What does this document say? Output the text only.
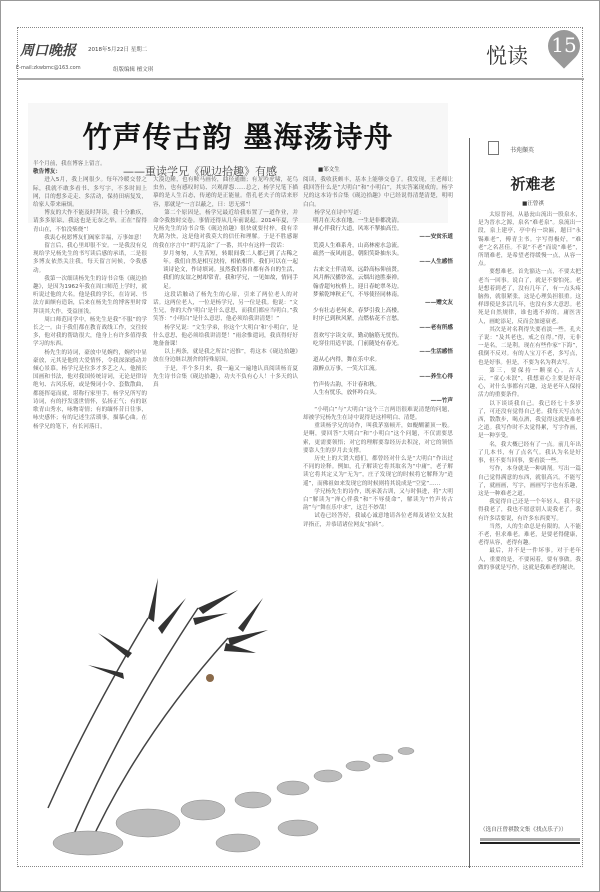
周口晚报 2018年5月22日 星期二
E-mail:zkwbmc@163.com	组版编辑 檀文琪
悦读 15
竹声传古韵 墨海荡诗舟
——重读学兄《砚边拾趣》有感	■邹文生

半个月前，我在博客上留言。

敬告博友：

进入5月，我上网很少。每年冷暖交替之际，我就不敢多看书、多写字，不多时间上网，目的想多走走、多活动，保持田病复发，给家人带来麻烦。

博友的大作不能及时拜读，我十分歉疚，请多多原谅，我这也是无奈之举，正在“留得青山在，不怕没柴烧”！

我衷心祝愿博友们阖家幸福，万事如意！

留言后，我心里却很不安。一是我没有兑现给学兄杨先生的书写读后感的承诺，二是很多博友依然关注我，每天留言问候，令我感动。

我第一次细读杨先生的诗书合集《砚边拾趣》，是因为1962年我在周口师范上学时，就听说过他的大名。他是我的学长，在诗词、书法方面颇有造诣，后来在杨先生的博客里时常拜读其大作，受益匪浅。

周口师范同学中，杨先生是我“不服”的学长之一。由于我们都在教育战线工作，交往较多，他对我的帮助很大，他身上有许多值得我学习的东西。

杨先生的诗词，豪放中见婉约，婉约中显豪放，元其是他的大爱情怀，令我深深感动并倾心景慕。杨学兄是位多才多艺之人，他擅长国画和书法，他对我国传统诗词，无论是律诗绝句、古风乐府，或是慢词小令、套数散曲，都能挥毫而就，堪称行家里手。杨学兄所写的诗词，有的抒发盛世情怀，弘扬正气；有的讴歌青山秀水，咏物寄情；有的缅怀昔日往事，咏史感怀；有的记述生活琐事，描摹心曲。在杨学兄的笔下，有长河落日，

大漠边陲，也有鞍马画传，曲径通幽；有龙吟虎啸，花鸟虫鱼，也有感叹时局、兴观群怨……总之，杨学兄笔下描摹的是人生百态，传递的是正能量。借孔老夫子的话来形容，那就是“一言以蔽之，曰：思无邪”！

第二个原因是，杨学兄最近给我布置了一道作业，并命令我按时交卷。事情还得从几年前说起。2014年夏，学兄杨先生的诗书合集《砚边拾趣》很快就要付梓，我有幸先睹为快，这是他对我莫大的信任和理解。于是不胜感谢的我在序言中“胡写乱涂”了一番，其中有这样一段话：

岁月匆匆，人生苦短，转眼间我二人都已到了古稀之年。我们自然是相互扶持，相依相伴。我们可以在一起谈诗论文，作诗填词。虽然我们各自都有各自的生活，我们的友谊之树却常青。我和学兄，一见如故，情同手足。

这段话触动了杨先生的心扉，引来了两位老人的对话。这两位老人，一位是杨学兄，另一位是我。他说：“文生兄，你的大作‘明白’是什么意思，而我们都应当明白。”我笑答：“小明白”是什么意思，他必须给我讲清楚！”

杨学兄说：“文生学弟，你这个‘大明白’和‘小明白’，是什么意思，他必须给我讲清楚！”雨余惟遣词，我真得好好地备备课！

以上两条，就是我之所以“迟惟”，将这本《砚边拾趣》放在身边继以割舍的特殊原因。

于是，半个多月来，我一遍又一遍地认真阅读杨育夏先生诗书合集《砚边拾趣》，功夫不负有心人！十多天的认真

阅读，我收获颇丰，基本上能够交卷了。我发现，王老师让我回答什么是“大明白”和“小明白”，其实答案现成的。杨学兄的这本诗书合集《砚边拾趣》中已经说得清楚清楚，明明白白。

杨学兄在诗中写道：

明月在天水在地，一生是非都洗清。

禅心伴我行大道，风寒不掣抽高岳。

——安贫乐道

荒漠人生难系舟，山高林密水急流。

疏然一夜风雨息，朝阳笑卧抽东头。

——人生感悟

古来文士伴清寒，远龄高标仰前贤。

风月醉汉播钞富，云烟出池胜秦禅。

翰香超句杭桥上，迎日春蛇翠冬边。

梦萦乾坤秋正气，不辱使径同林南。

——赠文友

少有壮志老何求，春梦引我上高楼。

时序已到秋风紧，点燃枯花不言愁。

——老有所感

喜欢写字读文章，勤动脑筋无忧伤。

吃穿住用适平淡，门前随处有春光。

——生活感悟

道从心内得，舞在乐中求。

淑醉点万事，一笑大江流。

——养生心得

竹声传古韵，不计春和秋。

人生有忧乐，放怀吟白头。

——竹声

“小明白”与“大明白”这个三言两语很难说清楚的问题，却被学兄杨先生在诗中说得是这样明白、清楚。

重读杨学兄的诗作，叫我茅塞顿开，如醍醐灌顶一般。是啊，要回答“大明白”和“小明白”这个问题，不仅需要思索，更需要领悟；对它的理解要靠经历去积淀，对它的领悟要靠人生的岁月去支撑。

历史上的大贤大德们，都曾经对什么是“大明白”作出过不同的诠释。例如，孔子解读它将其取名为“中庸”，老子解读它将其定义为“无为”，庄子发现它的时候将它解释为“逍遥”，而佛祖如来发现它的时候则将其说成是“空觉”……

学兄杨先生的诗作，既承袭古训，又与时俱进，将“大明白”解读为“禅心伴我”和“不辱使命”，解读为“竹声传古韵”与“舞在乐中求”，这岂不妙哉！

试卷已经答好，我诚心诚意地请各位老师及诸位文友批评指正，并恭请诸位网友“拍砖”。

书苑撷英
祈难老
■汪曾祺

太原晋祠，从悬瓮山流出一股泉水，是为晋水之源，泉名“难老泉”。泉流出一段，泉上建亭，亭中有一块匾，题曰“永锡难老”，傅青主书。字写得极好，“难老”之名甚佳。不说“不老”而说“难老”，所谓难老，是希望老得缓慢一点，从容一点。

要想难老，首先豁达一点，不要太把老当一回事。说白了，就是不要怕死。老是想着到老了，没有几年了，有一点头疼脑热，就很紧张，这是心理负担很重。这样即使是多活几年，也没有多大意思。老死是自然规律，谁也逃不掉的。庸医害人，画蛇添足，反而会加速衰老。

其次是对名利得失要看淡一些。孔夫子说：“及其老也，戒之在得。”得，无非一是名，二是利。现在有些作家“下海”，我倒不反对。有的人宝刀不老，多写点，也是好事。但是，不要为名为利去写。

第三，要保持一颗童心。古人云，“童心未泯”，我想童心主要是好奇心，对什么事都有兴趣，这是老年人保持活力的重要条件。

以下谈谈我自己。我已经七十多岁了，可还没有觉得自己老。我每天写点东西，散散步，喝点酒，我觉得这就是难老之道。我写作时不太觉得累，写字作画，是一种享受。

名，我大概已经有了一点。前几年出了几本书，有了点名气。我认为名是好事，但不要当回事，要看淡一些。

写作，本身就是一种调剂。写出一篇自己觉得满意的东西，就很高兴。不能写了，就画画，写字，画画写字也有乐趣，这是一种难老之道。

我觉得自己还是一个年轻人。我不觉得我老了，我也不愿意别人说我老了。我有许多话要说，有许多东西要写。

当然，人的生命总是有限的。人不能不老，但求难老。难老，是要老得健康，老得从容，老得有趣。

最后，并不是一件坏事。对于老年人，重要的是，不要闲着，要有事做。我做的事就是写作，这就是我难老的秘诀。

（选自汪曾祺散文集《找点乐子》）
